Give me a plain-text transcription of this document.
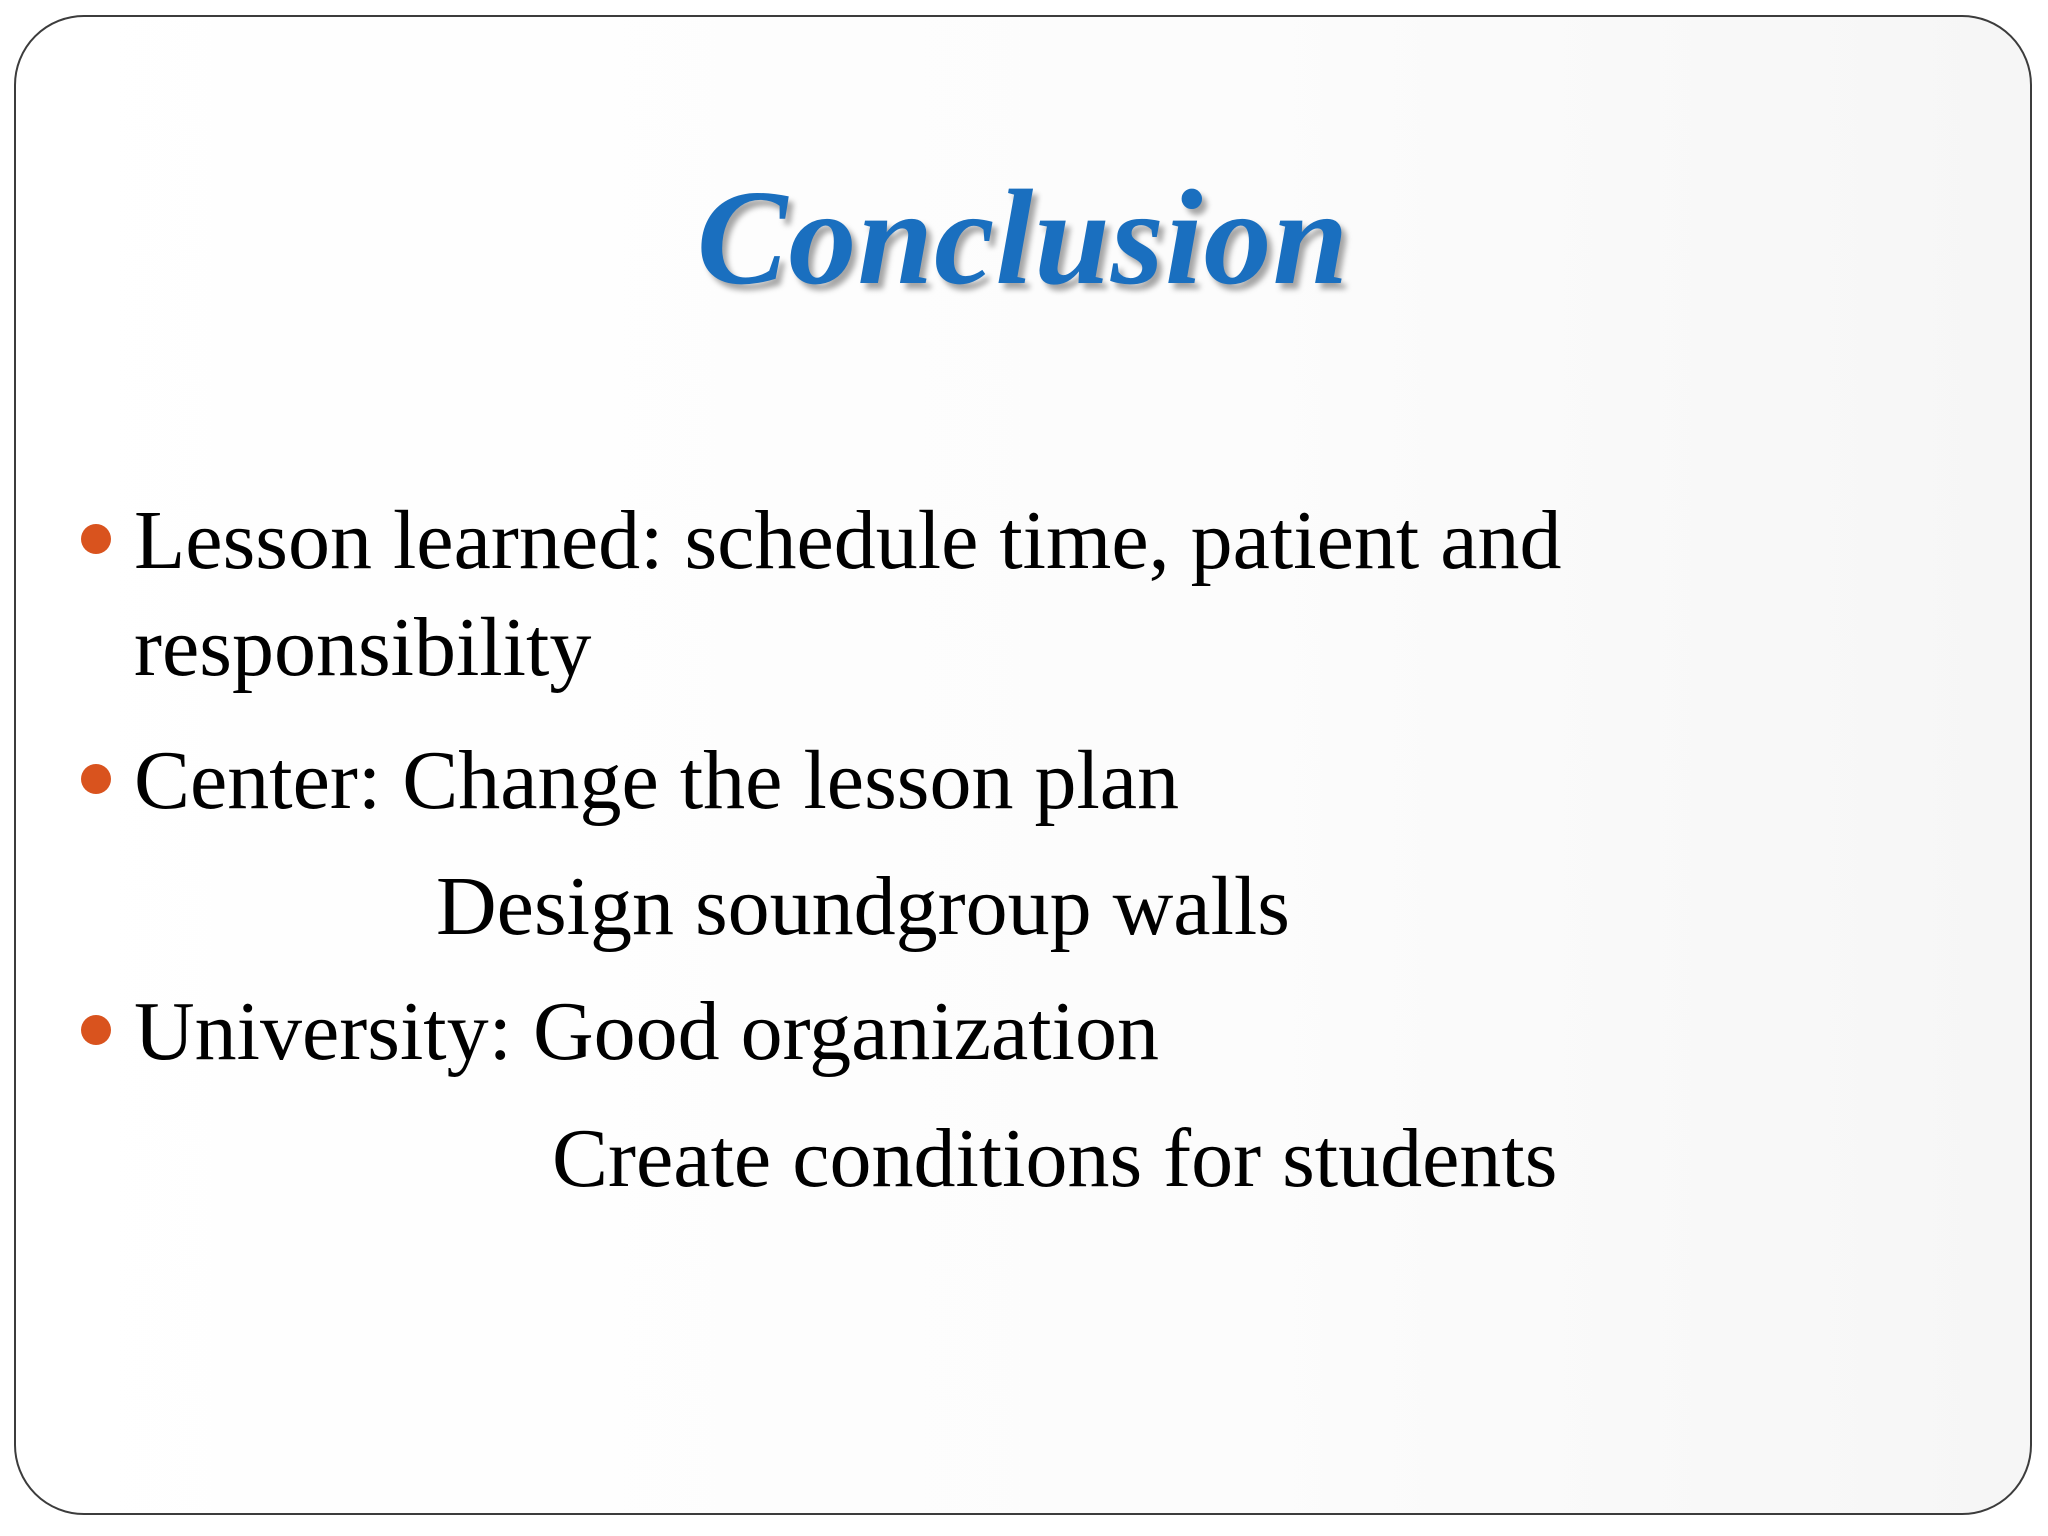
Conclusion
Lesson learned: schedule time, patient and
responsibility
Center: Change the lesson plan
Design soundgroup walls
University: Good organization
Create conditions for students
